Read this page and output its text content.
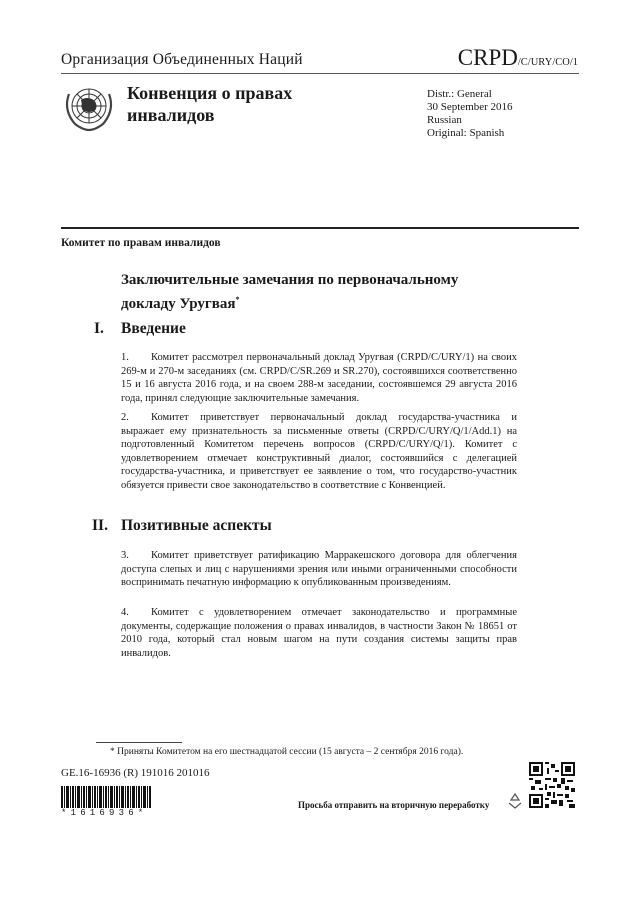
Организация Объединенных Наций	CRPD/C/URY/CO/1
Конвенция о правах
инвалидов
Distr.: General
30 September 2016
Russian
Original: Spanish
Комитет по правам инвалидов
Заключительные замечания по первоначальному
докладу Уругвая*
I. Введение
1. Комитет рассмотрел первоначальный доклад Уругвая (CRPD/C/URY/1) на своих 269-м и 270-м заседаниях (см. CRPD/C/SR.269 и SR.270), состоявшихся соответственно 15 и 16 августа 2016 года, и на своем 288-м заседании, состоявшемся 29 августа 2016 года, принял следующие заключительные замечания.
2. Комитет приветствует первоначальный доклад государства-участника и выражает ему признательность за письменные ответы (CRPD/C/URY/Q/1/Add.1) на подготовленный Комитетом перечень вопросов (CRPD/C/URY/Q/1). Комитет с удовлетворением отмечает конструктивный диалог, состоявшийся с делегацией государства-участника, и приветствует ее заявление о том, что государство-участник обязуется привести свое законодательство в соответствие с Конвенцией.
II. Позитивные аспекты
3. Комитет приветствует ратификацию Марракешского договора для облегчения доступа слепых и лиц с нарушениями зрения или иными ограниченными способности воспринимать печатную информацию к опубликованным произведениям.
4. Комитет с удовлетворением отмечает законодательство и программные документы, содержащие положения о правах инвалидов, в частности Закон № 18651 от 2010 года, который стал новым шагом на пути создания системы защиты прав инвалидов.
* Приняты Комитетом на его шестнадцатой сессии (15 августа – 2 сентября 2016 года).
GE.16-16936 (R) 191016 201016
*1616936*
Просьба отправить на вторичную переработку
